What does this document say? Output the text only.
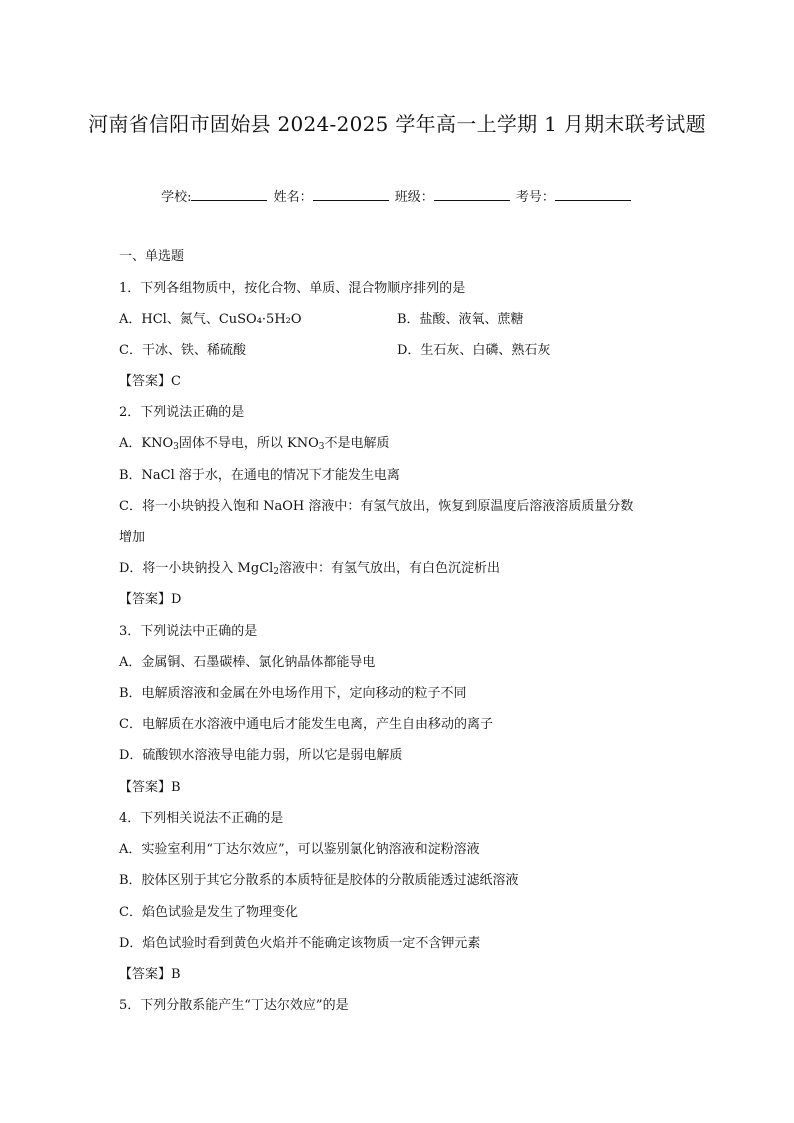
河南省信阳市固始县 2024-2025 学年高一上学期 1 月期末联考试题
学校:	姓名：	班级：	考号：
一、单选题
1．下列各组物质中，按化合物、单质、混合物顺序排列的是
A．HCl、氮气、CuSO₄·5H₂O	B．盐酸、液氧、蔗糖
C．干冰、铁、稀硫酸	D．生石灰、白磷、熟石灰
【答案】C
2．下列说法正确的是
A．$KNO_3$固体不导电，所以 $KNO_3$不是电解质
B．NaCl 溶于水，在通电的情况下才能发生电离
C．将一小块钠投入饱和 NaOH 溶液中：有氢气放出，恢复到原温度后溶液溶质质量分数
增加
D．将一小块钠投入 MgCl$_2$溶液中：有氢气放出，有白色沉淀析出
【答案】D
3．下列说法中正确的是
A．金属铜、石墨碳棒、氯化钠晶体都能导电
B．电解质溶液和金属在外电场作用下，定向移动的粒子不同
C．电解质在水溶液中通电后才能发生电离，产生自由移动的离子
D．硫酸钡水溶液导电能力弱，所以它是弱电解质
【答案】B
4．下列相关说法不正确的是
A．实验室利用“丁达尔效应”，可以鉴别氯化钠溶液和淀粉溶液
B．胶体区别于其它分散系的本质特征是胶体的分散质能透过滤纸溶液
C．焰色试验是发生了物理变化
D．焰色试验时看到黄色火焰并不能确定该物质一定不含钾元素
【答案】B
5．下列分散系能产生“丁达尔效应”的是
